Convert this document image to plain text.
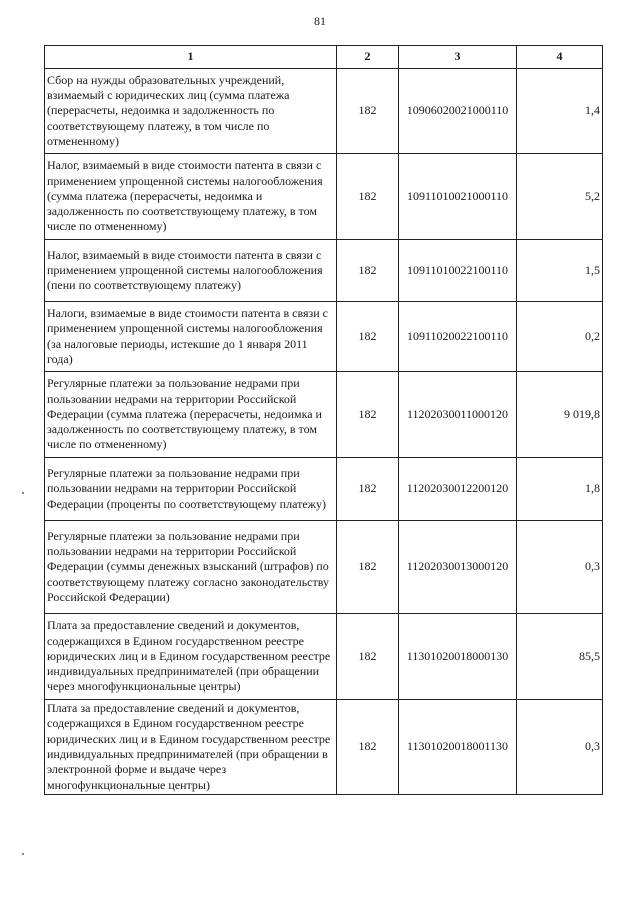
81
1	2	3	4
Сбор на нужды образовательных учреждений, взимаемый с юридических лиц (сумма платежа (перерасчеты, недоимка и задолженность по соответствующему платежу, в том числе по отмененному)	182	10906020021000110	1,4
Налог, взимаемый в виде стоимости патента в связи с применением упрощенной системы налогообложения (сумма платежа (перерасчеты, недоимка и задолженность по соответствующему платежу, в том числе по отмененному)	182	10911010021000110	5,2
Налог, взимаемый в виде стоимости патента в связи с применением упрощенной системы налогообложения (пени по соответствующему платежу)	182	10911010022100110	1,5
Налоги, взимаемые в виде стоимости патента в связи с применением упрощенной системы налогообложения (за налоговые периоды, истекшие до 1 января 2011 года)	182	10911020022100110	0,2
Регулярные платежи за пользование недрами при пользовании недрами на территории Российской Федерации (сумма платежа (перерасчеты, недоимка и задолженность по соответствующему платежу, в том числе по отмененному)	182	11202030011000120	9 019,8
Регулярные платежи за пользование недрами при пользовании недрами на территории Российской Федерации (проценты по соответствующему платежу)	182	11202030012200120	1,8
Регулярные платежи за пользование недрами при пользовании недрами на территории Российской Федерации (суммы денежных взысканий (штрафов) по соответствующему платежу согласно законодательству Российской Федерации)	182	11202030013000120	0,3
Плата за предоставление сведений и документов, содержащихся в Едином государственном реестре юридических лиц и в Едином государственном реестре индивидуальных предпринимателей (при обращении через многофункциональные центры)	182	11301020018000130	85,5
Плата за предоставление сведений и документов, содержащихся в Едином государственном реестре юридических лиц и в Едином государственном реестре индивидуальных предпринимателей (при обращении в электронной форме и выдаче через многофункциональные центры)	182	11301020018001130	0,3
